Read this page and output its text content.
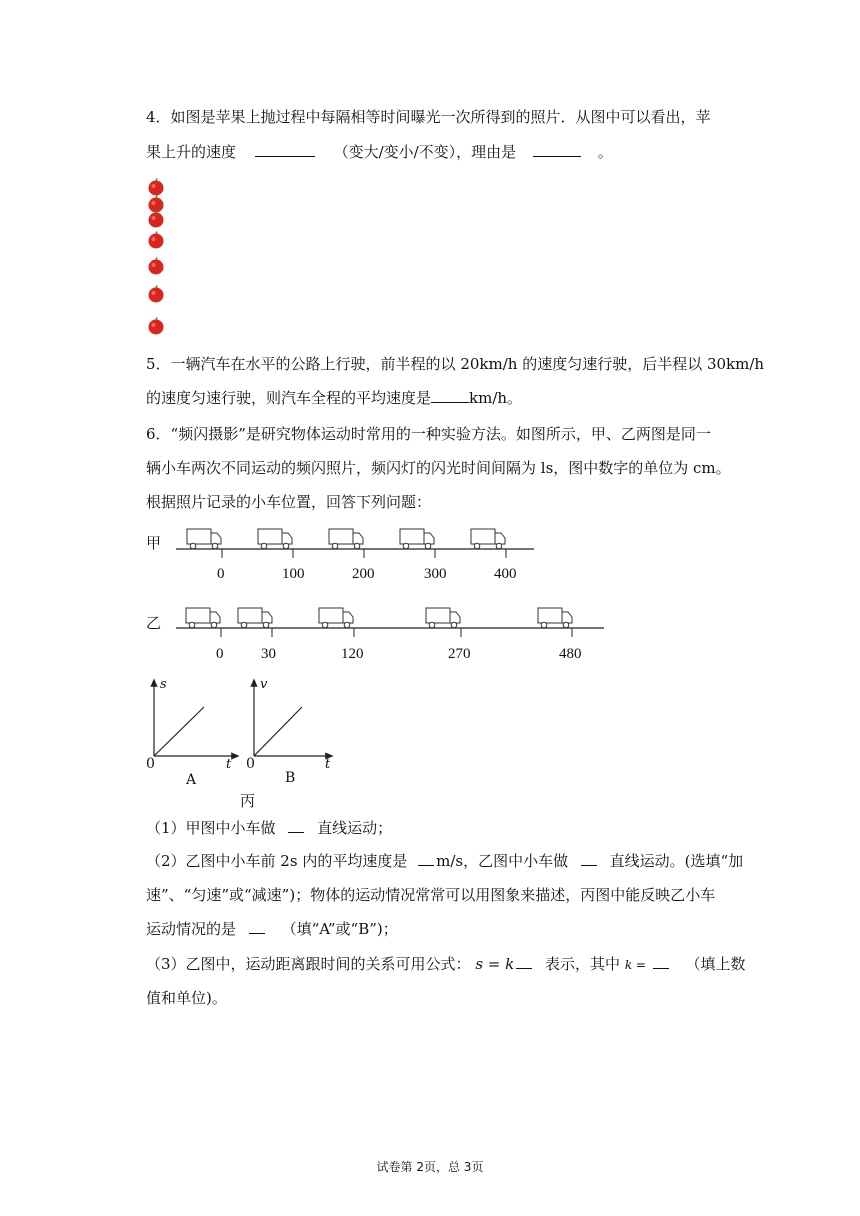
4．如图是苹果上抛过程中每隔相等时间曝光一次所得到的照片．从图中可以看出，苹
果上升的速度	（变大/变小/不变），理由是	。
5．一辆汽车在水平的公路上行驶，前半程的以 20km/h 的速度匀速行驶，后半程以 30km/h
的速度匀速行驶，则汽车全程的平均速度是	km/h。
6．“频闪摄影”是研究物体运动时常用的一种实验方法。如图所示，甲、乙两图是同一
辆小车两次不同运动的频闪照片，频闪灯的闪光时间间隔为 ls，图中数字的单位为 cm。
根据照片记录的小车位置，回答下列问题：
甲
0	100	200	300	400
乙
0	30	120	270	480
s
t
0
A
v
t
0
B
丙
（1）甲图中小车做	直线运动；
（2）乙图中小车前 2s 内的平均速度是 m/s，乙图中小车做	直线运动。(选填“加
速”、“匀速”或“减速”)；物体的运动情况常常可以用图象来描述，丙图中能反映乙小车
运动情况的是	（填“A”或“B”)；
（3）乙图中，运动距离跟时间的关系可用公式： s = k 表示，其中 k =	（填上数
值和单位)。
试卷第 2页，总 3页
